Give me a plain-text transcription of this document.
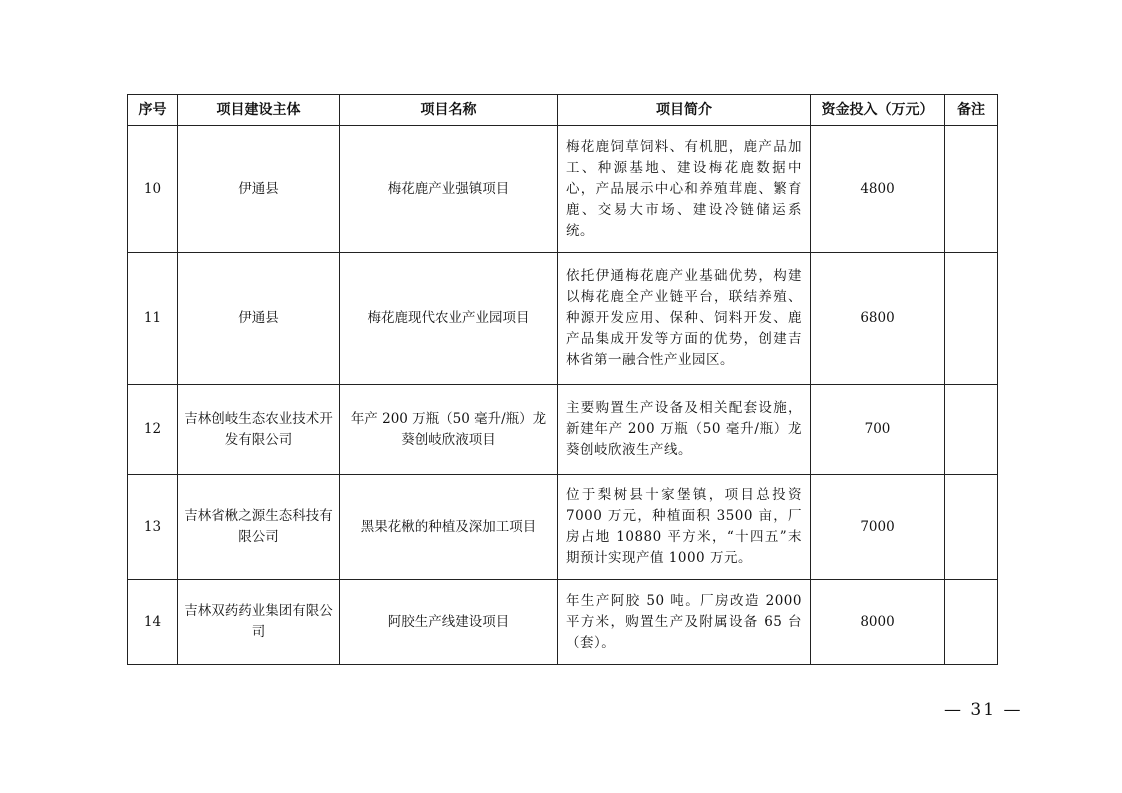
序号	项目建设主体	项目名称	项目简介	资金投入（万元）	备注
10	伊通县	梅花鹿产业强镇项目	梅花鹿饲草饲料、有机肥，鹿产品加工、种源基地、建设梅花鹿数据中心，产品展示中心和养殖茸鹿、繁育鹿、交易大市场、建设冷链储运系统。	4800	
11	伊通县	梅花鹿现代农业产业园项目	依托伊通梅花鹿产业基础优势，构建以梅花鹿全产业链平台，联结养殖、种源开发应用、保种、饲料开发、鹿产品集成开发等方面的优势，创建吉林省第一融合性产业园区。	6800	
12	吉林创岐生态农业技术开发有限公司	年产 200 万瓶（50 毫升/瓶）龙葵创岐欣液项目	主要购置生产设备及相关配套设施，新建年产 200 万瓶（50 毫升/瓶）龙葵创岐欣液生产线。	700	
13	吉林省楸之源生态科技有限公司	黑果花楸的种植及深加工项目	位于梨树县十家堡镇，项目总投资 7000 万元，种植面积 3500 亩，厂房占地 10880 平方米，“十四五”末期预计实现产值 1000 万元。	7000	
14	吉林双药药业集团有限公司	阿胶生产线建设项目	年生产阿胶 50 吨。厂房改造 2000 平方米，购置生产及附属设备 65 台（套）。	8000	
— 31 —
